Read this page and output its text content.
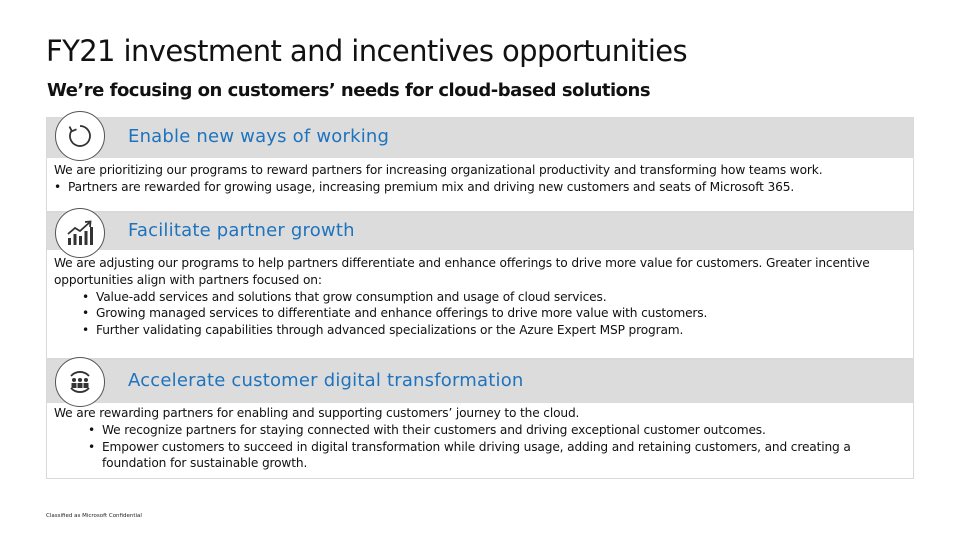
FY21 investment and incentives opportunities
We’re focusing on customers’ needs for cloud-based solutions
Enable new ways of working
We are prioritizing our programs to reward partners for increasing organizational productivity and transforming how teams work.
• Partners are rewarded for growing usage, increasing premium mix and driving new customers and seats of Microsoft 365.
Facilitate partner growth
We are adjusting our programs to help partners differentiate and enhance offerings to drive more value for customers. Greater incentive
opportunities align with partners focused on:
• Value-add services and solutions that grow consumption and usage of cloud services.
• Growing managed services to differentiate and enhance offerings to drive more value with customers.
• Further validating capabilities through advanced specializations or the Azure Expert MSP program.
Accelerate customer digital transformation
We are rewarding partners for enabling and supporting customers’ journey to the cloud.
• We recognize partners for staying connected with their customers and driving exceptional customer outcomes.
• Empower customers to succeed in digital transformation while driving usage, adding and retaining customers, and creating a
foundation for sustainable growth.
Classified as Microsoft Confidential
